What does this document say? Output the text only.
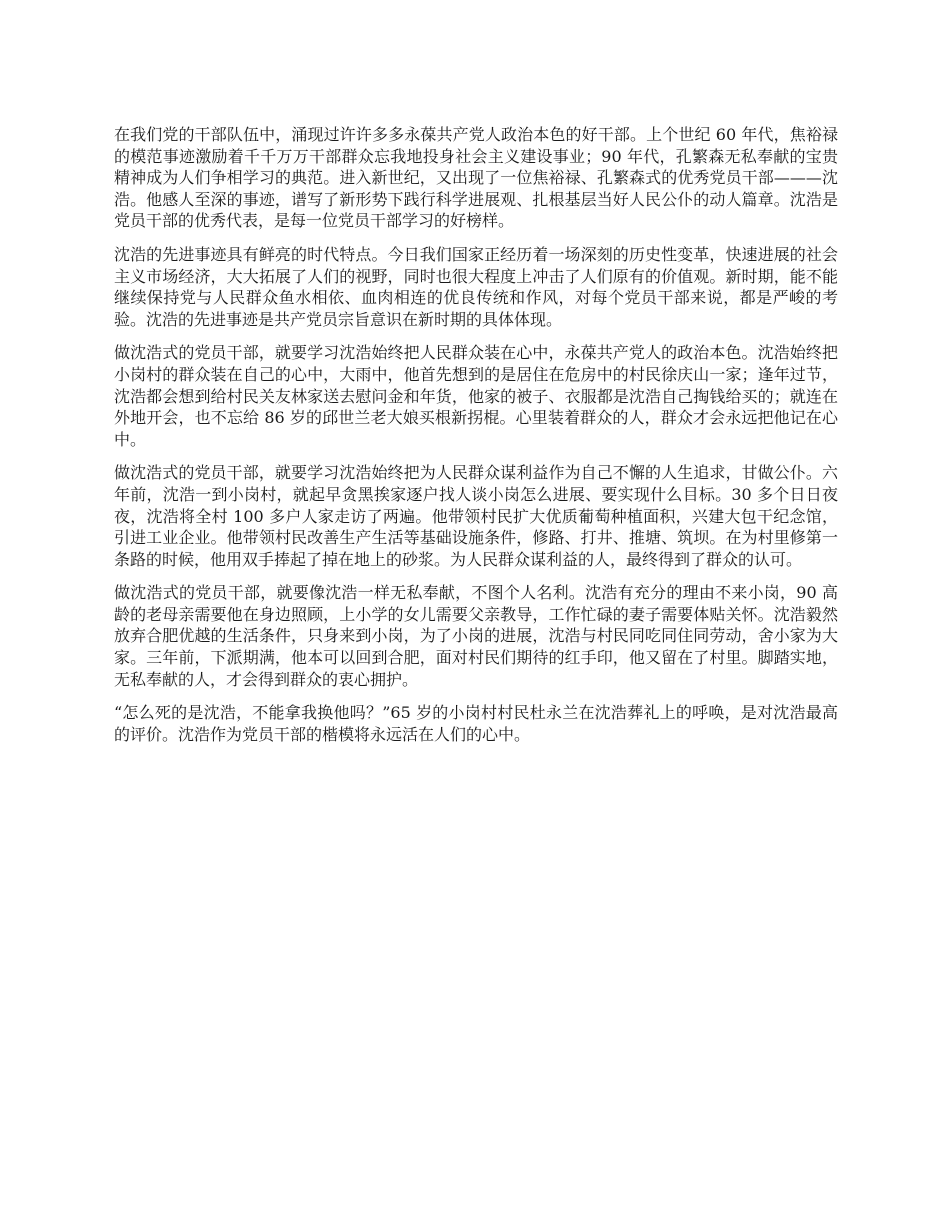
在我们党的干部队伍中，涌现过许许多多永葆共产党人政治本色的好干部。上个世纪 60 年代，焦裕禄的模范事迹激励着千千万万干部群众忘我地投身社会主义建设事业；90 年代，孔繁森无私奉献的宝贵精神成为人们争相学习的典范。进入新世纪，又出现了一位焦裕禄、孔繁森式的优秀党员干部———沈浩。他感人至深的事迹，谱写了新形势下践行科学进展观、扎根基层当好人民公仆的动人篇章。沈浩是党员干部的优秀代表，是每一位党员干部学习的好榜样。

沈浩的先进事迹具有鲜亮的时代特点。今日我们国家正经历着一场深刻的历史性变革，快速进展的社会主义市场经济，大大拓展了人们的视野，同时也很大程度上冲击了人们原有的价值观。新时期，能不能继续保持党与人民群众鱼水相依、血肉相连的优良传统和作风，对每个党员干部来说，都是严峻的考验。沈浩的先进事迹是共产党员宗旨意识在新时期的具体体现。

做沈浩式的党员干部，就要学习沈浩始终把人民群众装在心中，永葆共产党人的政治本色。沈浩始终把小岗村的群众装在自己的心中，大雨中，他首先想到的是居住在危房中的村民徐庆山一家；逢年过节，沈浩都会想到给村民关友林家送去慰问金和年货，他家的被子、衣服都是沈浩自己掏钱给买的；就连在外地开会，也不忘给 86 岁的邱世兰老大娘买根新拐棍。心里装着群众的人，群众才会永远把他记在心中。

做沈浩式的党员干部，就要学习沈浩始终把为人民群众谋利益作为自己不懈的人生追求，甘做公仆。六年前，沈浩一到小岗村，就起早贪黑挨家逐户找人谈小岗怎么进展、要实现什么目标。30 多个日日夜夜，沈浩将全村 100 多户人家走访了两遍。他带领村民扩大优质葡萄种植面积，兴建大包干纪念馆，引进工业企业。他带领村民改善生产生活等基础设施条件，修路、打井、推塘、筑坝。在为村里修第一条路的时候，他用双手捧起了掉在地上的砂浆。为人民群众谋利益的人，最终得到了群众的认可。

做沈浩式的党员干部，就要像沈浩一样无私奉献，不图个人名利。沈浩有充分的理由不来小岗，90 高龄的老母亲需要他在身边照顾，上小学的女儿需要父亲教导，工作忙碌的妻子需要体贴关怀。沈浩毅然放弃合肥优越的生活条件，只身来到小岗，为了小岗的进展，沈浩与村民同吃同住同劳动，舍小家为大家。三年前，下派期满，他本可以回到合肥，面对村民们期待的红手印，他又留在了村里。脚踏实地，无私奉献的人，才会得到群众的衷心拥护。

“怎么死的是沈浩，不能拿我换他吗？”65 岁的小岗村村民杜永兰在沈浩葬礼上的呼唤，是对沈浩最高的评价。沈浩作为党员干部的楷模将永远活在人们的心中。
